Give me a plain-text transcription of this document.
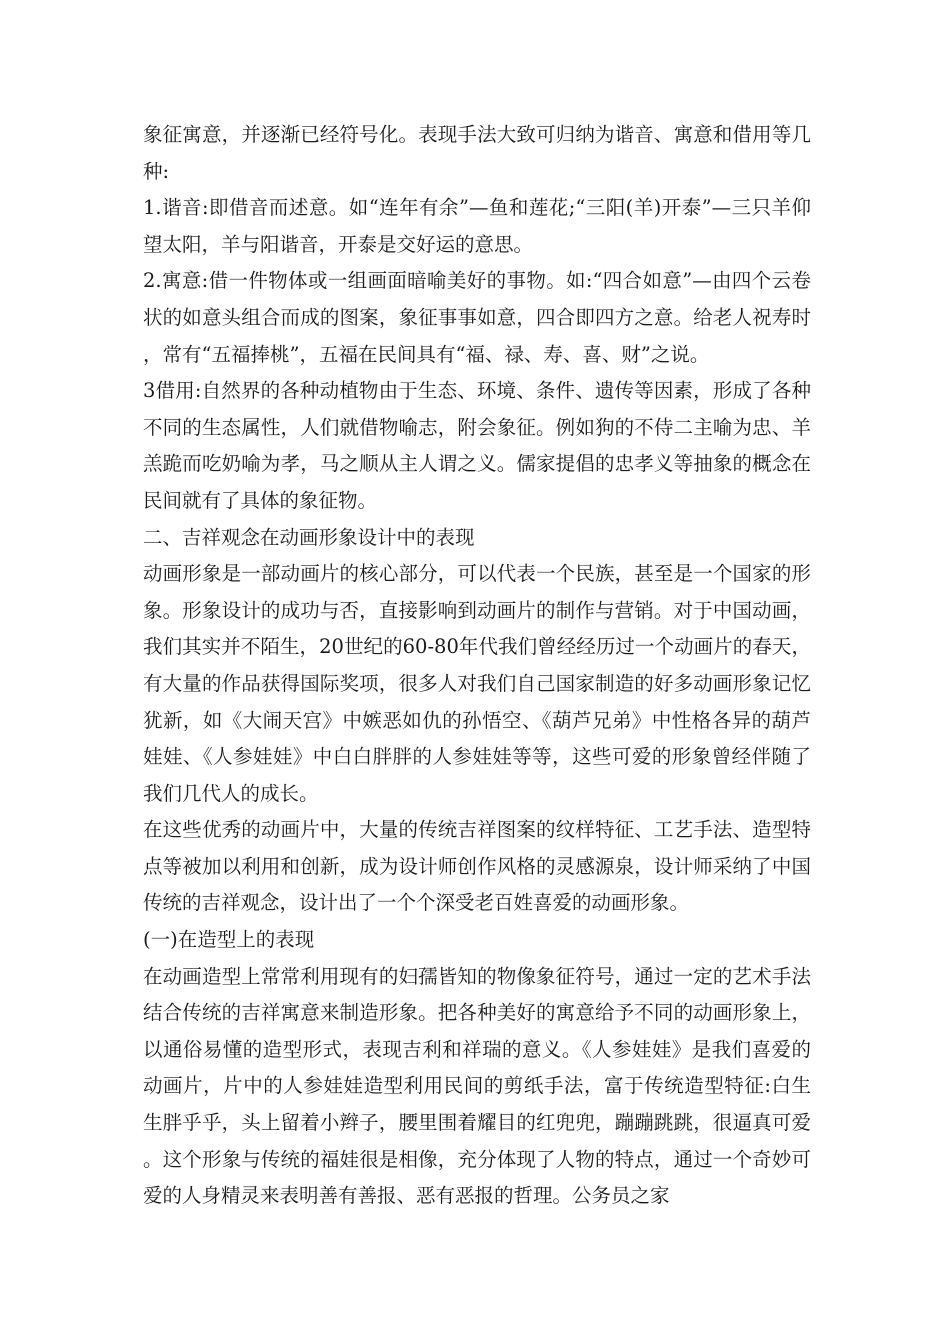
象征寓意，并逐渐已经符号化。表现手法大致可归纳为谐音、寓意和借用等几种:

1.谐音:即借音而述意。如“连年有余”—鱼和莲花;“三阳(羊)开泰”—三只羊仰望太阳，羊与阳谐音，开泰是交好运的意思。

2.寓意:借一件物体或一组画面暗喻美好的事物。如:“四合如意”—由四个云卷状的如意头组合而成的图案，象征事事如意，四合即四方之意。给老人祝寿时，常有“五福捧桃”，五福在民间具有“福、禄、寿、喜、财”之说。

3借用:自然界的各种动植物由于生态、环境、条件、遗传等因素，形成了各种不同的生态属性，人们就借物喻志，附会象征。例如狗的不侍二主喻为忠、羊羔跪而吃奶喻为孝，马之顺从主人谓之义。儒家提倡的忠孝义等抽象的概念在民间就有了具体的象征物。

二、吉祥观念在动画形象设计中的表现

动画形象是一部动画片的核心部分，可以代表一个民族，甚至是一个国家的形象。形象设计的成功与否，直接影响到动画片的制作与营销。对于中国动画，我们其实并不陌生，20世纪的60-80年代我们曾经经历过一个动画片的春天，有大量的作品获得国际奖项，很多人对我们自己国家制造的好多动画形象记忆犹新，如《大闹天宫》中嫉恶如仇的孙悟空、《葫芦兄弟》中性格各异的葫芦娃娃、《人参娃娃》中白白胖胖的人参娃娃等等，这些可爱的形象曾经伴随了我们几代人的成长。

在这些优秀的动画片中，大量的传统吉祥图案的纹样特征、工艺手法、造型特点等被加以利用和创新，成为设计师创作风格的灵感源泉，设计师采纳了中国传统的吉祥观念，设计出了一个个深受老百姓喜爱的动画形象。

(一)在造型上的表现

在动画造型上常常利用现有的妇孺皆知的物像象征符号，通过一定的艺术手法结合传统的吉祥寓意来制造形象。把各种美好的寓意给予不同的动画形象上，以通俗易懂的造型形式，表现吉利和祥瑞的意义。《人参娃娃》是我们喜爱的动画片，片中的人参娃娃造型利用民间的剪纸手法，富于传统造型特征:白生生胖乎乎，头上留着小辫子，腰里围着耀目的红兜兜，蹦蹦跳跳，很逼真可爱。这个形象与传统的福娃很是相像，充分体现了人物的特点，通过一个奇妙可爱的人身精灵来表明善有善报、恶有恶报的哲理。公务员之家
